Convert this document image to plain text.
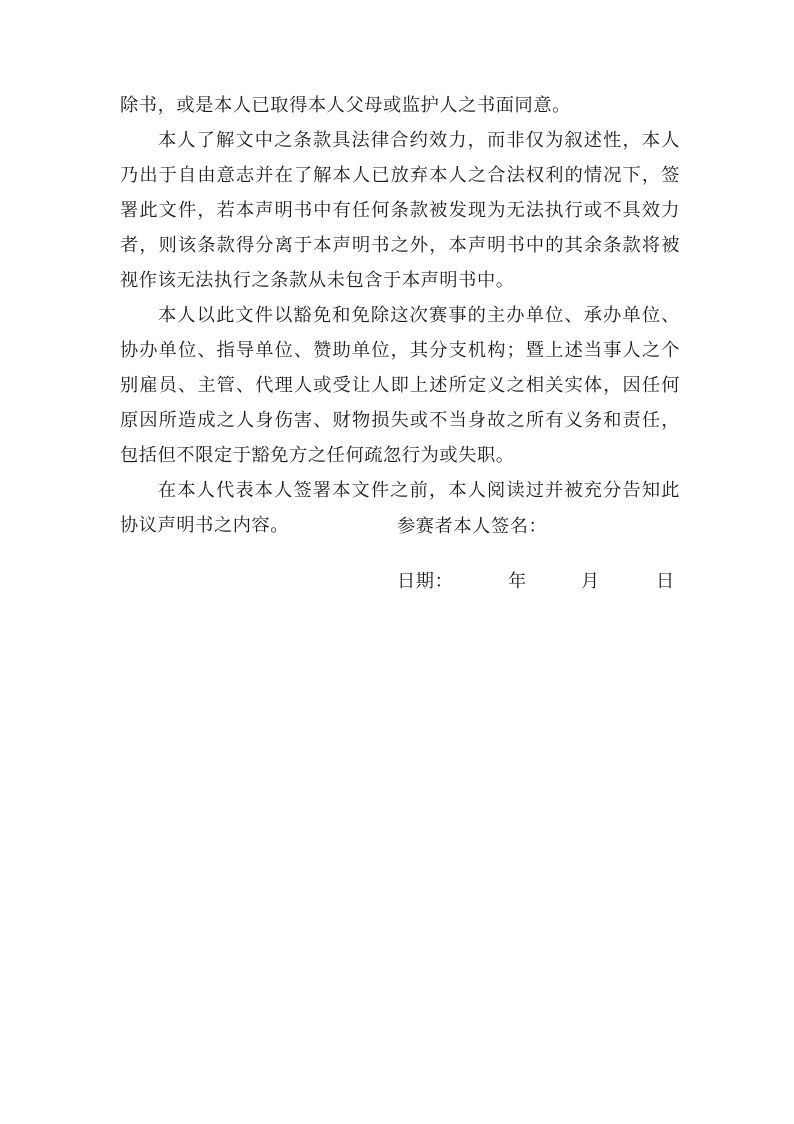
除书，或是本人已取得本人父母或监护人之书面同意。

本人了解文中之条款具法律合约效力，而非仅为叙述性，本人乃出于自由意志并在了解本人已放弃本人之合法权利的情况下，签署此文件，若本声明书中有任何条款被发现为无法执行或不具效力者，则该条款得分离于本声明书之外，本声明书中的其余条款将被视作该无法执行之条款从未包含于本声明书中。

本人以此文件以豁免和免除这次赛事的主办单位、承办单位、协办单位、指导单位、赞助单位，其分支机构；暨上述当事人之个别雇员、主管、代理人或受让人即上述所定义之相关实体，因任何原因所造成之人身伤害、财物损失或不当身故之所有义务和责任，包括但不限定于豁免方之任何疏忽行为或失职。

在本人代表本人签署本文件之前，本人阅读过并被充分告知此协议声明书之内容。	参赛者本人签名：
日期：	年	月	日
